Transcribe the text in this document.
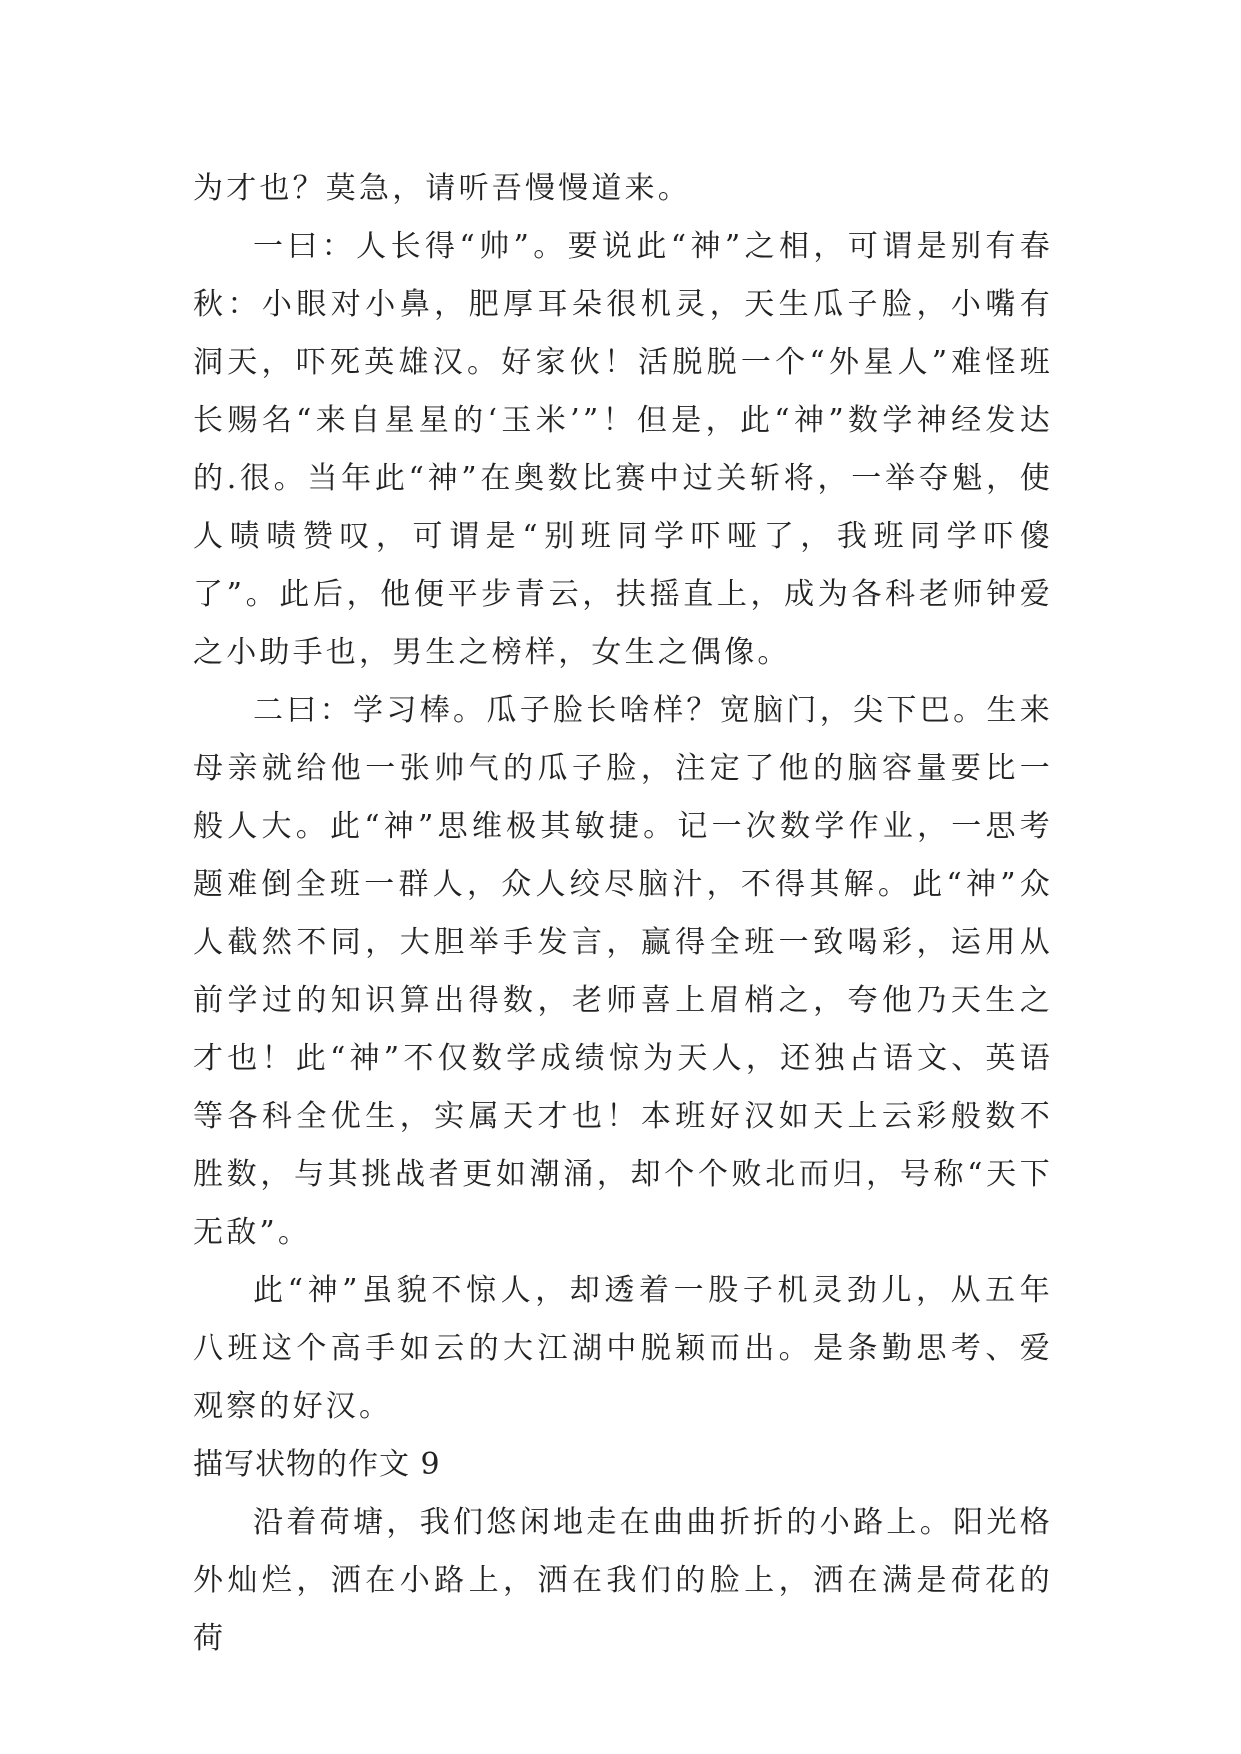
为才也？莫急，请听吾慢慢道来。

一曰：人长得“帅”。要说此“神”之相，可谓是别有春秋：小眼对小鼻，肥厚耳朵很机灵，天生瓜子脸，小嘴有洞天，吓死英雄汉。好家伙！活脱脱一个“外星人”难怪班长赐名“来自星星的‘玉米’”！但是，此“神”数学神经发达的.很。当年此“神”在奥数比赛中过关斩将，一举夺魁，使人啧啧赞叹，可谓是“别班同学吓哑了，我班同学吓傻了”。此后，他便平步青云，扶摇直上，成为各科老师钟爱之小助手也，男生之榜样，女生之偶像。

二曰：学习棒。瓜子脸长啥样？宽脑门，尖下巴。生来母亲就给他一张帅气的瓜子脸，注定了他的脑容量要比一般人大。此“神”思维极其敏捷。记一次数学作业，一思考题难倒全班一群人，众人绞尽脑汁，不得其解。此“神”众人截然不同，大胆举手发言，赢得全班一致喝彩，运用从前学过的知识算出得数，老师喜上眉梢之，夸他乃天生之才也！此“神”不仅数学成绩惊为天人，还独占语文、英语等各科全优生，实属天才也！本班好汉如天上云彩般数不胜数，与其挑战者更如潮涌，却个个败北而归，号称“天下无敌”。

此“神”虽貌不惊人，却透着一股子机灵劲儿，从五年八班这个高手如云的大江湖中脱颖而出。是条勤思考、爱观察的好汉。

描写状物的作文 9

沿着荷塘，我们悠闲地走在曲曲折折的小路上。阳光格外灿烂，洒在小路上，洒在我们的脸上，洒在满是荷花的荷
